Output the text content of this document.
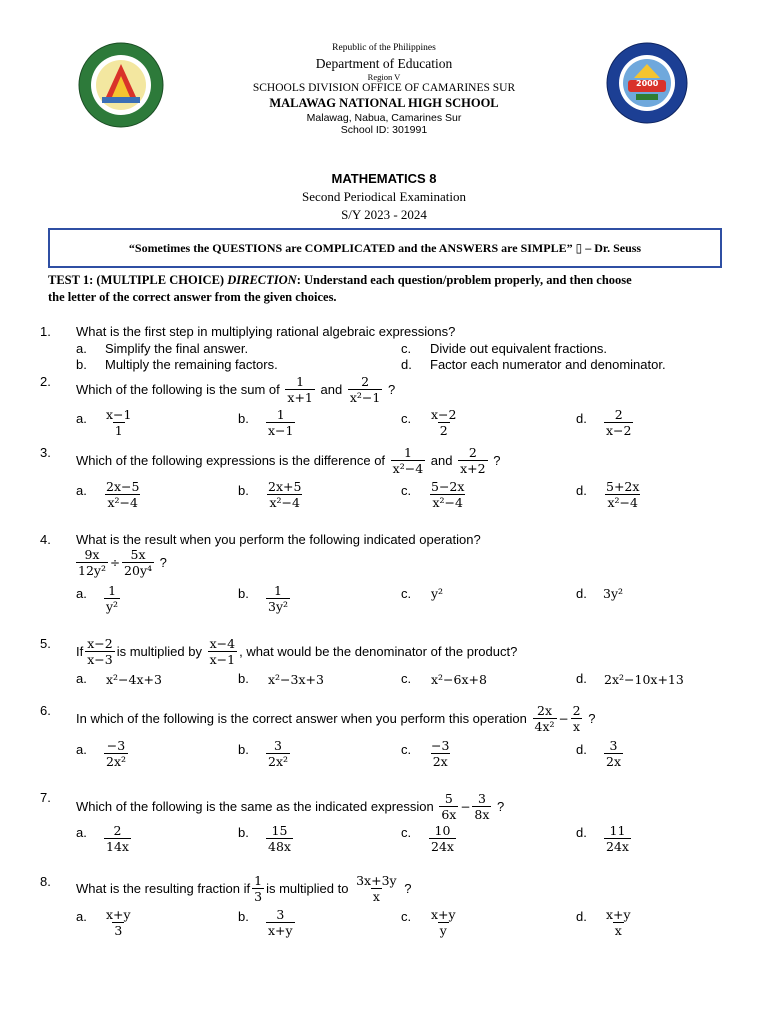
2000
Republic of the Philippines
Department of Education
Region V
SCHOOLS DIVISION OFFICE OF CAMARINES SUR
MALAWAG NATIONAL HIGH SCHOOL
Malawag, Nabua, Camarines Sur
School ID: 301991
MATHEMATICS 8
Second Periodical Examination
S/Y 2023 - 2024
“Sometimes the QUESTIONS are COMPLICATED and the ANSWERS are SIMPLE” ▯ – Dr. Seuss
TEST 1: (MULTIPLE CHOICE) DIRECTION: Understand each question/problem properly, and then choose
the letter of the correct answer from the given choices.
1. What is the first step in multiplying rational algebraic expressions?
a. Simplify the final answer.	c. Divide out equivalent fractions.
b. Multiply the remaining factors.	d. Factor each numerator and denominator.
2.
Which of the following is the sum of
$\frac{1}{x+1}$
and
$\frac{2}{\text{x²−1}}$
?
a. $\frac{x-1}{1}$	b. $\frac{1}{x-1}$	c. $\frac{x-2}{2}$	d. $\frac{2}{x-2}$
3.
Which of the following expressions is the difference of
$\frac{1}{\text{x²−4}}$
and
$\frac{2}{x+2}$
?
a. $\frac{2x-5}{\text{x²−4}}$	b. $\frac{2x+5}{\text{x²−4}}$	c. $\frac{5-2x}{\text{x²−4}}$	d. $\frac{5+2x}{\text{x²−4}}$
4. What is the result when you perform the following indicated operation?
$\frac{9x}{\text{12y²}} \div \frac{5x}{\text{20y⁴}}$
?
a. $\frac{1}{\text{y²}}$	b. $\frac{1}{\text{3y²}}$	c. y²	d. 3y²
5.
If $\frac{x-2}{x-3}$ is multiplied by
$\frac{x-4}{x-1}$ , what would be the denominator of the product?
a. x²−4x+3	b. x²−3x+3	c. x²−6x+8	d. 2x²−10x+13
6.
In which of the following is the correct answer when you perform this operation
$\frac{2x}{\text{4x²}} - \frac{2}{x}$
?
a. $\frac{-3}{\text{2x²}}$	b. $\frac{3}{\text{2x²}}$	c. $\frac{-3}{2x}$	d. $\frac{3}{2x}$
7.
Which of the following is the same as the indicated expression
$\frac{5}{6x} - \frac{3}{8x}$
?
a. $\frac{2}{14x}$	b. $\frac{15}{48x}$	c. $\frac{10}{24x}$	d. $\frac{11}{24x}$
8. What is the resulting fraction if $\frac{1}{3}$ is multiplied to
$\frac{3x+3y}{x}$
?
a. $\frac{x+y}{3}$	b. $\frac{3}{x+y}$	c. $\frac{x+y}{y}$	d. $\frac{x+y}{x}$
